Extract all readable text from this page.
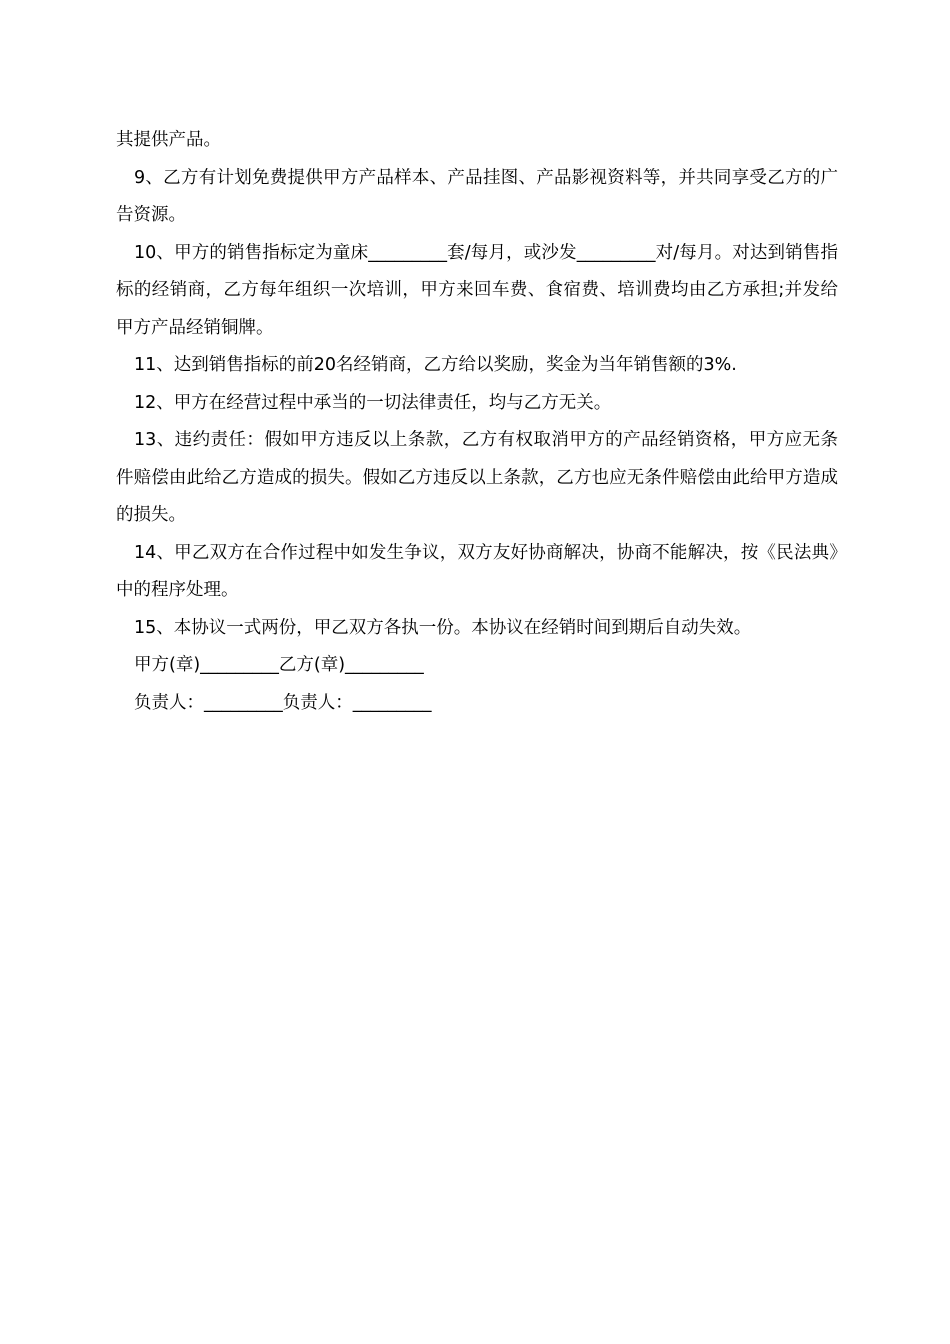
其提供产品。

9、乙方有计划免费提供甲方产品样本、产品挂图、产品影视资料等，并共同享受乙方的广告资源。

10、甲方的销售指标定为童床_________套/每月，或沙发_________对/每月。对达到销售指标的经销商，乙方每年组织一次培训，甲方来回车费、食宿费、培训费均由乙方承担;并发给甲方产品经销铜牌。

11、达到销售指标的前20名经销商，乙方给以奖励，奖金为当年销售额的3%.

12、甲方在经营过程中承当的一切法律责任，均与乙方无关。

13、违约责任：假如甲方违反以上条款，乙方有权取消甲方的产品经销资格，甲方应无条件赔偿由此给乙方造成的损失。假如乙方违反以上条款，乙方也应无条件赔偿由此给甲方造成的损失。

14、甲乙双方在合作过程中如发生争议，双方友好协商解决，协商不能解决，按《民法典》中的程序处理。

15、本协议一式两份，甲乙双方各执一份。本协议在经销时间到期后自动失效。

甲方(章)_________乙方(章)_________

负责人：_________负责人：_________
